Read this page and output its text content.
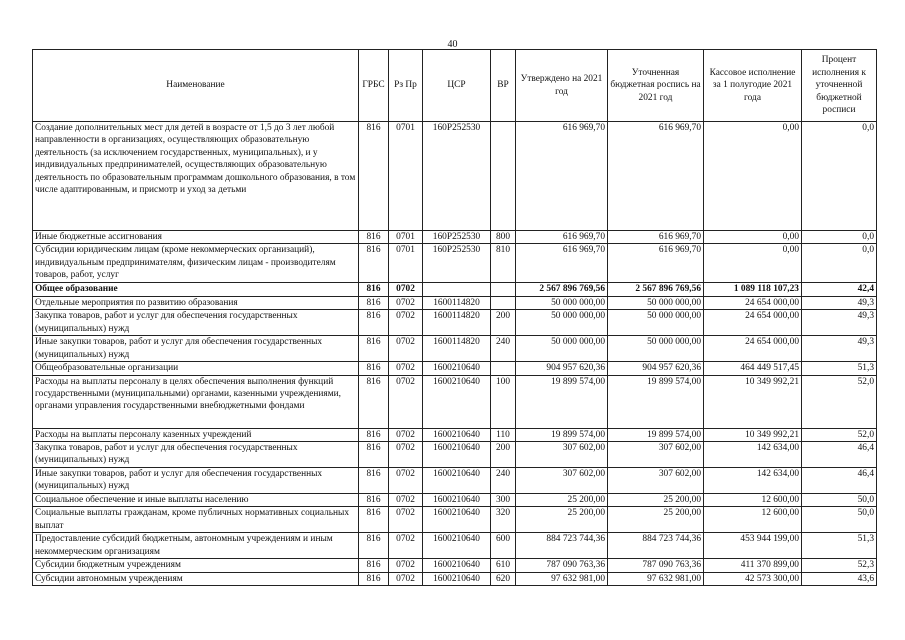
40
Наименование	ГРБС	Рз Пр	ЦСР	ВР	Утверждено на 2021 год	Уточненная бюджетная роспись на 2021 год	Кассовое исполнение за 1 полугодие 2021 года	Процент исполнения к уточненной бюджетной росписи
Создание дополнительных мест для детей в возрасте от 1,5 до 3 лет любой направленности в организациях, осуществляющих образовательную деятельность (за исключением государственных, муниципальных), и у индивидуальных предпринимателей, осуществляющих образовательную деятельность по образовательным программам дошкольного образования, в том числе адаптированным, и присмотр и уход за детьми	816	0701	160P252530		616 969,70	616 969,70	0,00	0,0
Иные бюджетные ассигнования	816	0701	160P252530	800	616 969,70	616 969,70	0,00	0,0
Субсидии юридическим лицам (кроме некоммерческих организаций), индивидуальным предпринимателям, физическим лицам - производителям товаров, работ, услуг	816	0701	160P252530	810	616 969,70	616 969,70	0,00	0,0
Общее образование	816	0702			2 567 896 769,56	2 567 896 769,56	1 089 118 107,23	42,4
Отдельные мероприятия по развитию образования	816	0702	1600114820		50 000 000,00	50 000 000,00	24 654 000,00	49,3
Закупка товаров, работ и услуг для обеспечения государственных (муниципальных) нужд	816	0702	1600114820	200	50 000 000,00	50 000 000,00	24 654 000,00	49,3
Иные закупки товаров, работ и услуг для обеспечения государственных (муниципальных) нужд	816	0702	1600114820	240	50 000 000,00	50 000 000,00	24 654 000,00	49,3
Общеобразовательные организации	816	0702	1600210640		904 957 620,36	904 957 620,36	464 449 517,45	51,3
Расходы на выплаты персоналу в целях обеспечения выполнения функций государственными (муниципальными) органами, казенными учреждениями, органами управления государственными внебюджетными фондами	816	0702	1600210640	100	19 899 574,00	19 899 574,00	10 349 992,21	52,0
Расходы на выплаты персоналу казенных учреждений	816	0702	1600210640	110	19 899 574,00	19 899 574,00	10 349 992,21	52,0
Закупка товаров, работ и услуг для обеспечения государственных (муниципальных) нужд	816	0702	1600210640	200	307 602,00	307 602,00	142 634,00	46,4
Иные закупки товаров, работ и услуг для обеспечения государственных (муниципальных) нужд	816	0702	1600210640	240	307 602,00	307 602,00	142 634,00	46,4
Социальное обеспечение и иные выплаты населению	816	0702	1600210640	300	25 200,00	25 200,00	12 600,00	50,0
Социальные выплаты гражданам, кроме публичных нормативных социальных выплат	816	0702	1600210640	320	25 200,00	25 200,00	12 600,00	50,0
Предоставление субсидий бюджетным, автономным учреждениям и иным некоммерческим организациям	816	0702	1600210640	600	884 723 744,36	884 723 744,36	453 944 199,00	51,3
Субсидии бюджетным учреждениям	816	0702	1600210640	610	787 090 763,36	787 090 763,36	411 370 899,00	52,3
Субсидии автономным учреждениям	816	0702	1600210640	620	97 632 981,00	97 632 981,00	42 573 300,00	43,6
